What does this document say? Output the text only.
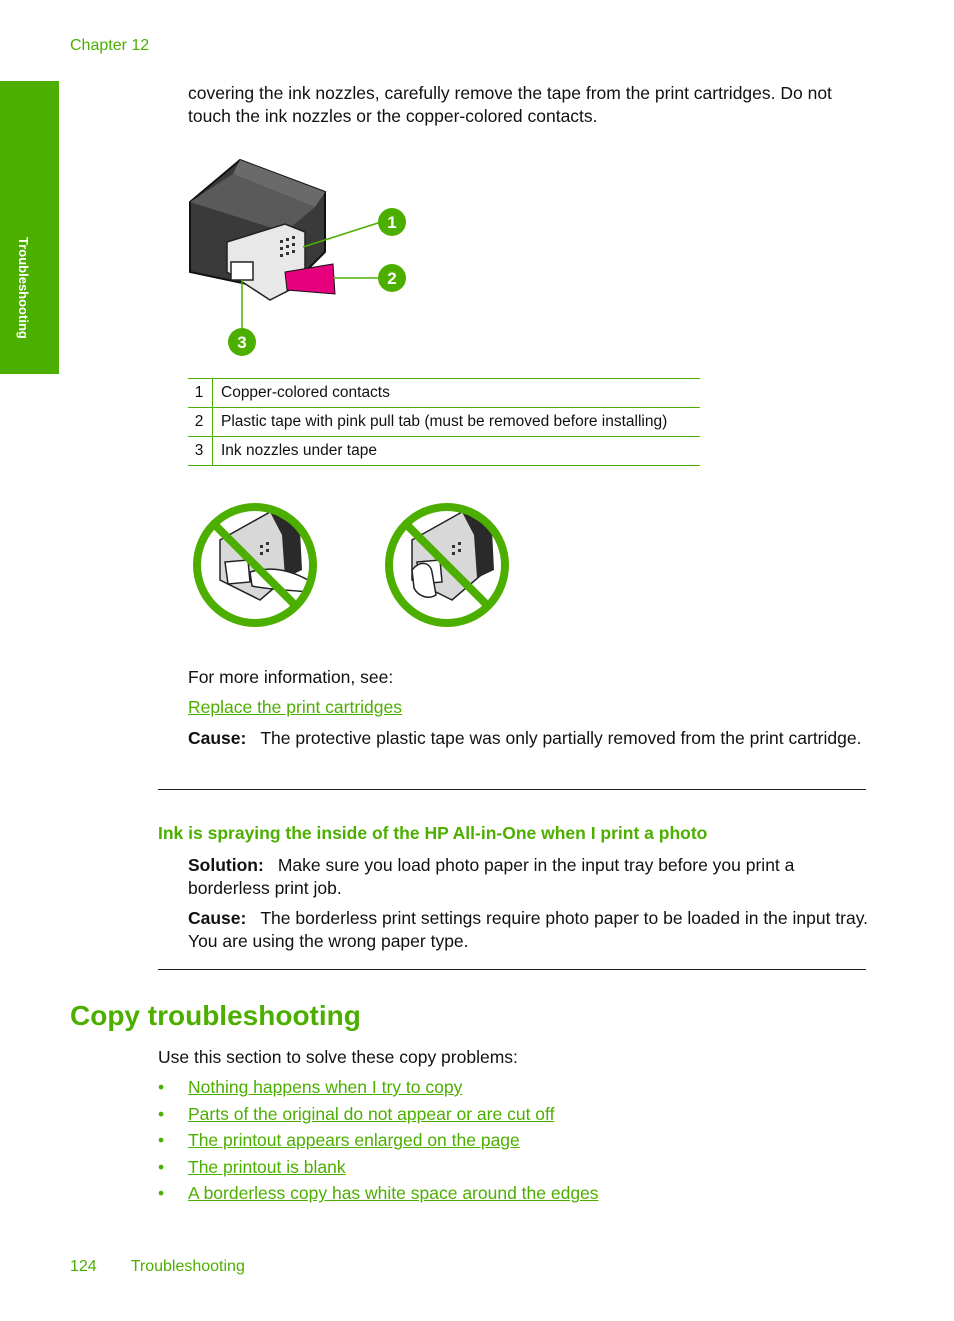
Chapter 12
Troubleshooting

covering the ink nozzles, carefully remove the tape from the print cartridges. Do not touch the ink nozzles or the copper-colored contacts.

1
2
3
1	Copper-colored contacts
2	Plastic tape with pink pull tab (must be removed before installing)
3	Ink nozzles under tape

For more information, see:

Replace the print cartridges

Cause: The protective plastic tape was only partially removed from the print cartridge.

Ink is spraying the inside of the HP All-in-One when I print a photo

Solution: Make sure you load photo paper in the input tray before you print a borderless print job.

Cause: The borderless print settings require photo paper to be loaded in the input tray. You are using the wrong paper type.

Copy troubleshooting

Use this section to solve these copy problems:

• Nothing happens when I try to copy
• Parts of the original do not appear or are cut off
• The printout appears enlarged on the page
• The printout is blank
• A borderless copy has white space around the edges
124 Troubleshooting
